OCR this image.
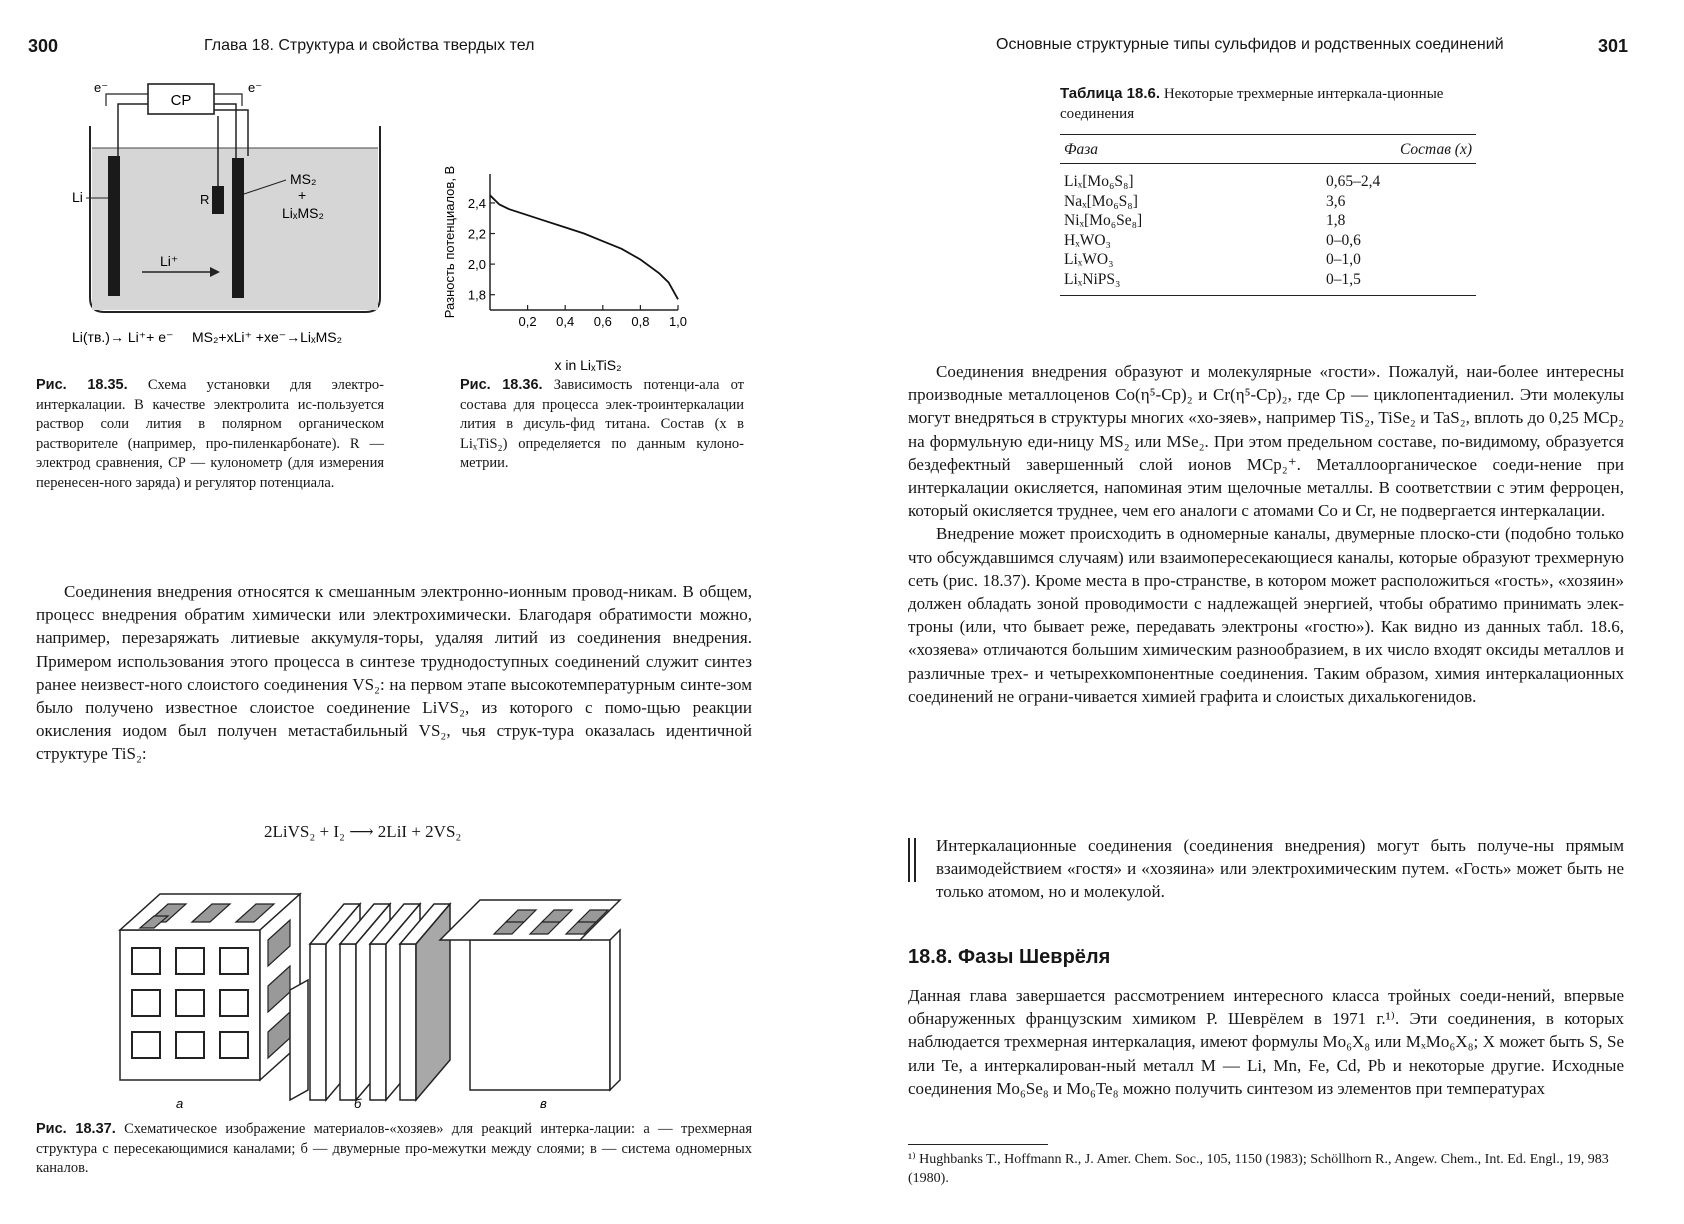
300	Глава 18. Структура и свойства твердых тел
CP
e⁻	e⁻
R
Li
MS₂
+
LiₓMS₂
Li⁺
Li(тв.)→ Li⁺+ e⁻ MS₂+xLi⁺ +xe⁻→LiₓMS₂
Рис. 18.35. Схема установки для электро-интеркалации. В качестве электролита ис-пользуется раствор соли лития в полярном органическом растворителе (например, про-пиленкарбонате). R — электрод сравнения, CP — кулонометр (для измерения перенесен-ного заряда) и регулятор потенциала.
0,2 0,4 0,6 0,8 1,0
1,8
2,0
2,2
2,4
Разность потенциалов, В
x in LiₓTiS₂
Рис. 18.36. Зависимость потенци-ала от состава для процесса элек-троинтеркалации лития в дисуль-фид титана. Состав (x в LiₓTiS₂) определяется по данным кулоно-метрии.

Соединения внедрения относятся к смешанным электронно-ионным провод-никам. В общем, процесс внедрения обратим химически или электрохимически. Благодаря обратимости можно, например, перезаряжать литиевые аккумуля-торы, удаляя литий из соединения внедрения. Примером использования этого процесса в синтезе труднодоступных соединений служит синтез ранее неизвест-ного слоистого соединения VS₂: на первом этапе высокотемпературным синте-зом было получено известное слоистое соединение LiVS₂, из которого с помо-щью реакции окисления иодом был получен метастабильный VS₂, чья струк-тура оказалась идентичной структуре TiS₂:

2LiVS₂ + I₂ ⟶ 2LiI + 2VS₂
а	б	в
Рис. 18.37. Схематическое изображение материалов-«хозяев» для реакций интерка-лации: а — трехмерная структура с пересекающимися каналами; б — двумерные про-межутки между слоями; в — система одномерных каналов.
Основные структурные типы сульфидов и родственных соединений	301
Таблица 18.6. Некоторые трехмерные интеркала-ционные соединения
Фаза	Состав (x)
Liₓ[Mo₆S₈]	0,65–2,4
Naₓ[Mo₆S₈]	3,6
Niₓ[Mo₆Se₈]	1,8
HₓWO₃	0–0,6
LiₓWO₃	0–1,0
LiₓNiPS₃	0–1,5

Соединения внедрения образуют и молекулярные «гости». Пожалуй, наи-более интересны производные металлоценов Co(η⁵-Cp)₂ и Cr(η⁵-Cp)₂, где Cp — циклопентадиенил. Эти молекулы могут внедряться в структуры многих «хо-зяев», например TiS₂, TiSe₂ и TaS₂, вплоть до 0,25 MCp₂ на формульную еди-ницу MS₂ или MSe₂. При этом предельном составе, по-видимому, образуется бездефектный завершенный слой ионов MCp₂⁺. Металлоорганическое соеди-нение при интеркалации окисляется, напоминая этим щелочные металлы. В соответствии с этим ферроцен, который окисляется труднее, чем его аналоги с атомами Co и Cr, не подвергается интеркалации.

Внедрение может происходить в одномерные каналы, двумерные плоско-сти (подобно только что обсуждавшимся случаям) или взаимопересекающиеся каналы, которые образуют трехмерную сеть (рис. 18.37). Кроме места в про-странстве, в котором может расположиться «гость», «хозяин» должен обладать зоной проводимости с надлежащей энергией, чтобы обратимо принимать элек-троны (или, что бывает реже, передавать электроны «гостю»). Как видно из данных табл. 18.6, «хозяева» отличаются большим химическим разнообразием, в их число входят оксиды металлов и различные трех- и четырехкомпонентные соединения. Таким образом, химия интеркалационных соединений не ограни-чивается химией графита и слоистых дихалькогенидов.

Интеркалационные соединения (соединения внедрения) могут быть получе-ны прямым взаимодействием «гостя» и «хозяина» или электрохимическим путем. «Гость» может быть не только атомом, но и молекулой.
18.8. Фазы Шеврёля

Данная глава завершается рассмотрением интересного класса тройных соеди-нений, впервые обнаруженных французским химиком Р. Шеврёлем в 1971 г.¹⁾. Эти соединения, в которых наблюдается трехмерная интеркалация, имеют формулы Mo₆X₈ или MₓMo₆X₈; X может быть S, Se или Te, а интеркалирован-ный металл M — Li, Mn, Fe, Cd, Pb и некоторые другие. Исходные соединения Mo₆Se₈ и Mo₆Te₈ можно получить синтезом из элементов при температурах

¹⁾ Hughbanks T., Hoffmann R., J. Amer. Chem. Soc., 105, 1150 (1983); Schöllhorn R., Angew. Chem., Int. Ed. Engl., 19, 983 (1980).
